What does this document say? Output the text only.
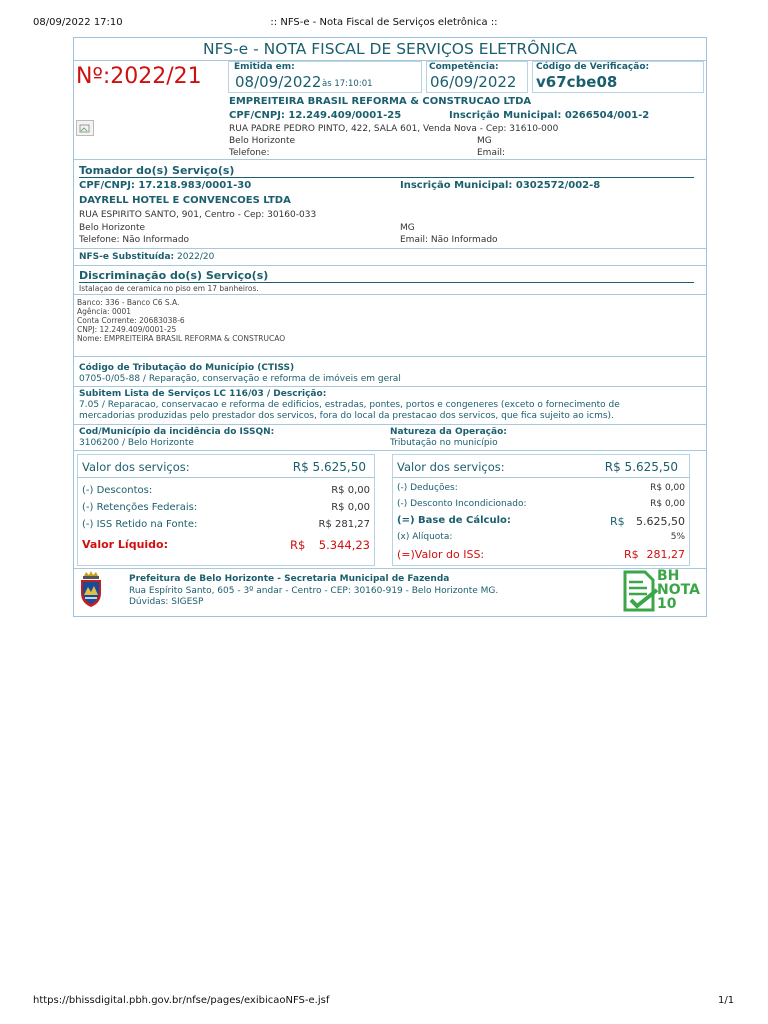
08/09/2022 17:10	:: NFS-e - Nota Fiscal de Serviços eletrônica ::
NFS-e - NOTA FISCAL DE SERVIÇOS ELETRÔNICA
Nº:2022/21	Emitida em:
08/09/2022 às 17:10:01
Competência:
06/09/2022
Código de Verificação:
v67cbe08
EMPREITEIRA BRASIL REFORMA & CONSTRUCAO LTDA
CPF/CNPJ: 12.249.409/0001-25	Inscrição Municipal: 0266504/001-2
RUA PADRE PEDRO PINTO, 422, SALA 601, Venda Nova - Cep: 31610-000
Belo Horizonte	MG
Telefone:	Email:
Tomador do(s) Serviço(s)
CPF/CNPJ: 17.218.983/0001-30	Inscrição Municipal: 0302572/002-8
DAYRELL HOTEL E CONVENCOES LTDA
RUA ESPIRITO SANTO, 901, Centro - Cep: 30160-033
Belo Horizonte	MG
Telefone: Não Informado	Email: Não Informado
NFS-e Substituída: 2022/20
Discriminação do(s) Serviço(s)
Istalaçao de ceramica no piso em 17 banheiros.
Banco: 336 - Banco C6 S.A.
Agência: 0001
Conta Corrente: 20683038-6
CNPJ: 12.249.409/0001-25
Nome: EMPREITEIRA BRASIL REFORMA & CONSTRUCAO
Código de Tributação do Município (CTISS)
0705-0/05-88 / Reparação, conservação e reforma de imóveis em geral
Subitem Lista de Serviços LC 116/03 / Descrição:
7.05 / Reparacao, conservacao e reforma de edificios, estradas, pontes, portos e congeneres (exceto o fornecimento de
mercadorias produzidas pelo prestador dos servicos, fora do local da prestacao dos servicos, que fica sujeito ao icms).
Cod/Município da incidência do ISSQN:
3106200 / Belo Horizonte
Natureza da Operação:
Tributação no município
Valor dos serviços:	R$ 5.625,50
(-) Descontos:	R$ 0,00
(-) Retenções Federais:	R$ 0,00
(-) ISS Retido na Fonte:	R$ 281,27
Valor Líquido:	R$	5.344,23
Valor dos serviços:	R$ 5.625,50
(-) Deduções:	R$ 0,00
(-) Desconto Incondicionado:	R$ 0,00
(=) Base de Cálculo:	R$	5.625,50
(x) Alíquota:	5%
(=)Valor do ISS:	R$ 281,27
Prefeitura de Belo Horizonte - Secretaria Municipal de Fazenda
Rua Espírito Santo, 605 - 3º andar - Centro - CEP: 30160-919 - Belo Horizonte MG.
Dúvidas: SIGESP
BH
NOTA
10
https://bhissdigital.pbh.gov.br/nfse/pages/exibicaoNFS-e.jsf	1/1
